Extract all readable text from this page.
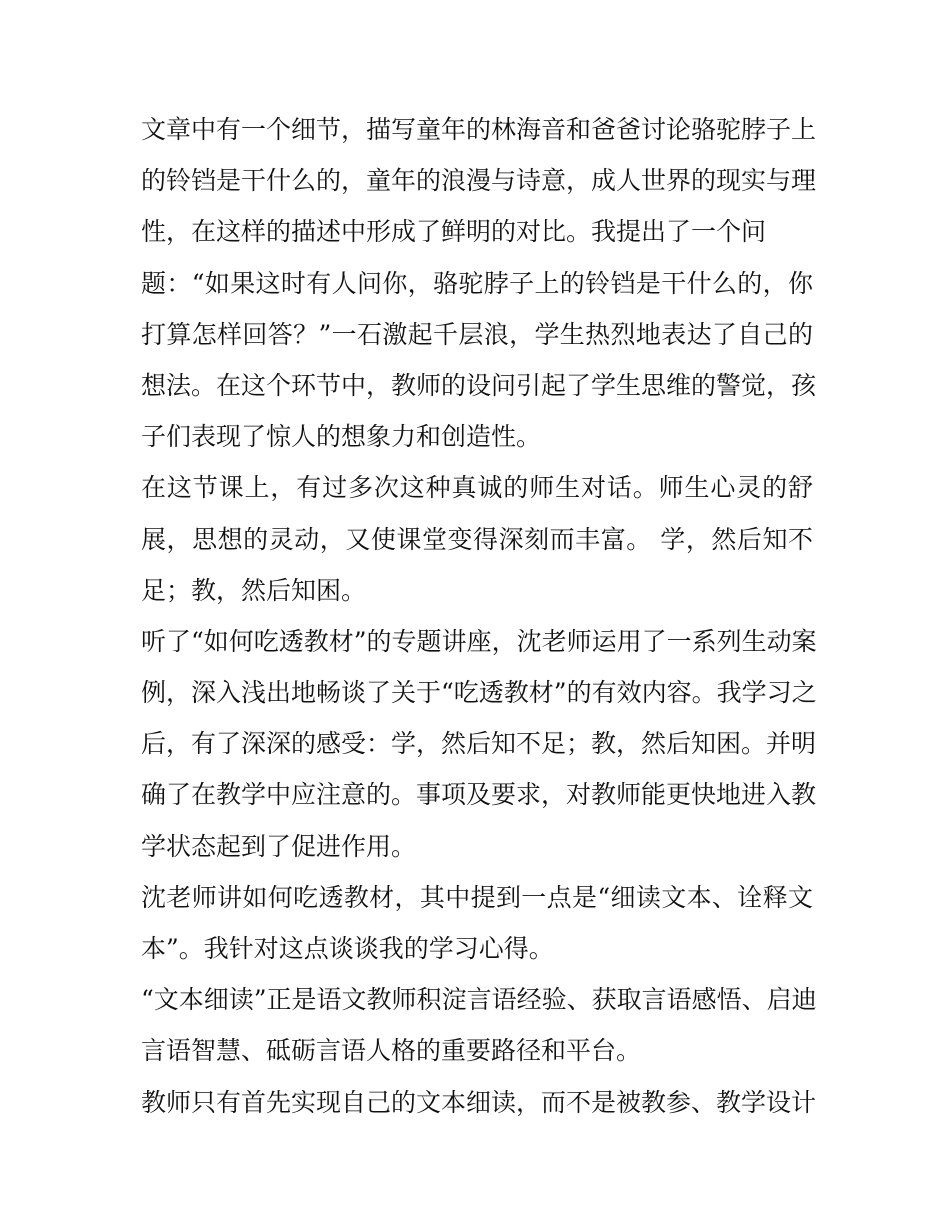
文章中有一个细节，描写童年的林海音和爸爸讨论骆驼脖子上
的铃铛是干什么的，童年的浪漫与诗意，成人世界的现实与理
性，在这样的描述中形成了鲜明的对比。我提出了一个问
题：“如果这时有人问你，骆驼脖子上的铃铛是干什么的，你
打算怎样回答？”一石激起千层浪，学生热烈地表达了自己的
想法。在这个环节中，教师的设问引起了学生思维的警觉，孩
子们表现了惊人的想象力和创造性。
在这节课上，有过多次这种真诚的师生对话。师生心灵的舒
展，思想的灵动，又使课堂变得深刻而丰富。 学，然后知不
足；教，然后知困。
听了“如何吃透教材”的专题讲座，沈老师运用了一系列生动案
例，深入浅出地畅谈了关于“吃透教材”的有效内容。我学习之
后，有了深深的感受：学，然后知不足；教，然后知困。并明
确了在教学中应注意的。事项及要求，对教师能更快地进入教
学状态起到了促进作用。
沈老师讲如何吃透教材，其中提到一点是“细读文本、诠释文
本”。我针对这点谈谈我的学习心得。
“文本细读”正是语文教师积淀言语经验、获取言语感悟、启迪
言语智慧、砥砺言语人格的重要路径和平台。
教师只有首先实现自己的文本细读，而不是被教参、教学设计
